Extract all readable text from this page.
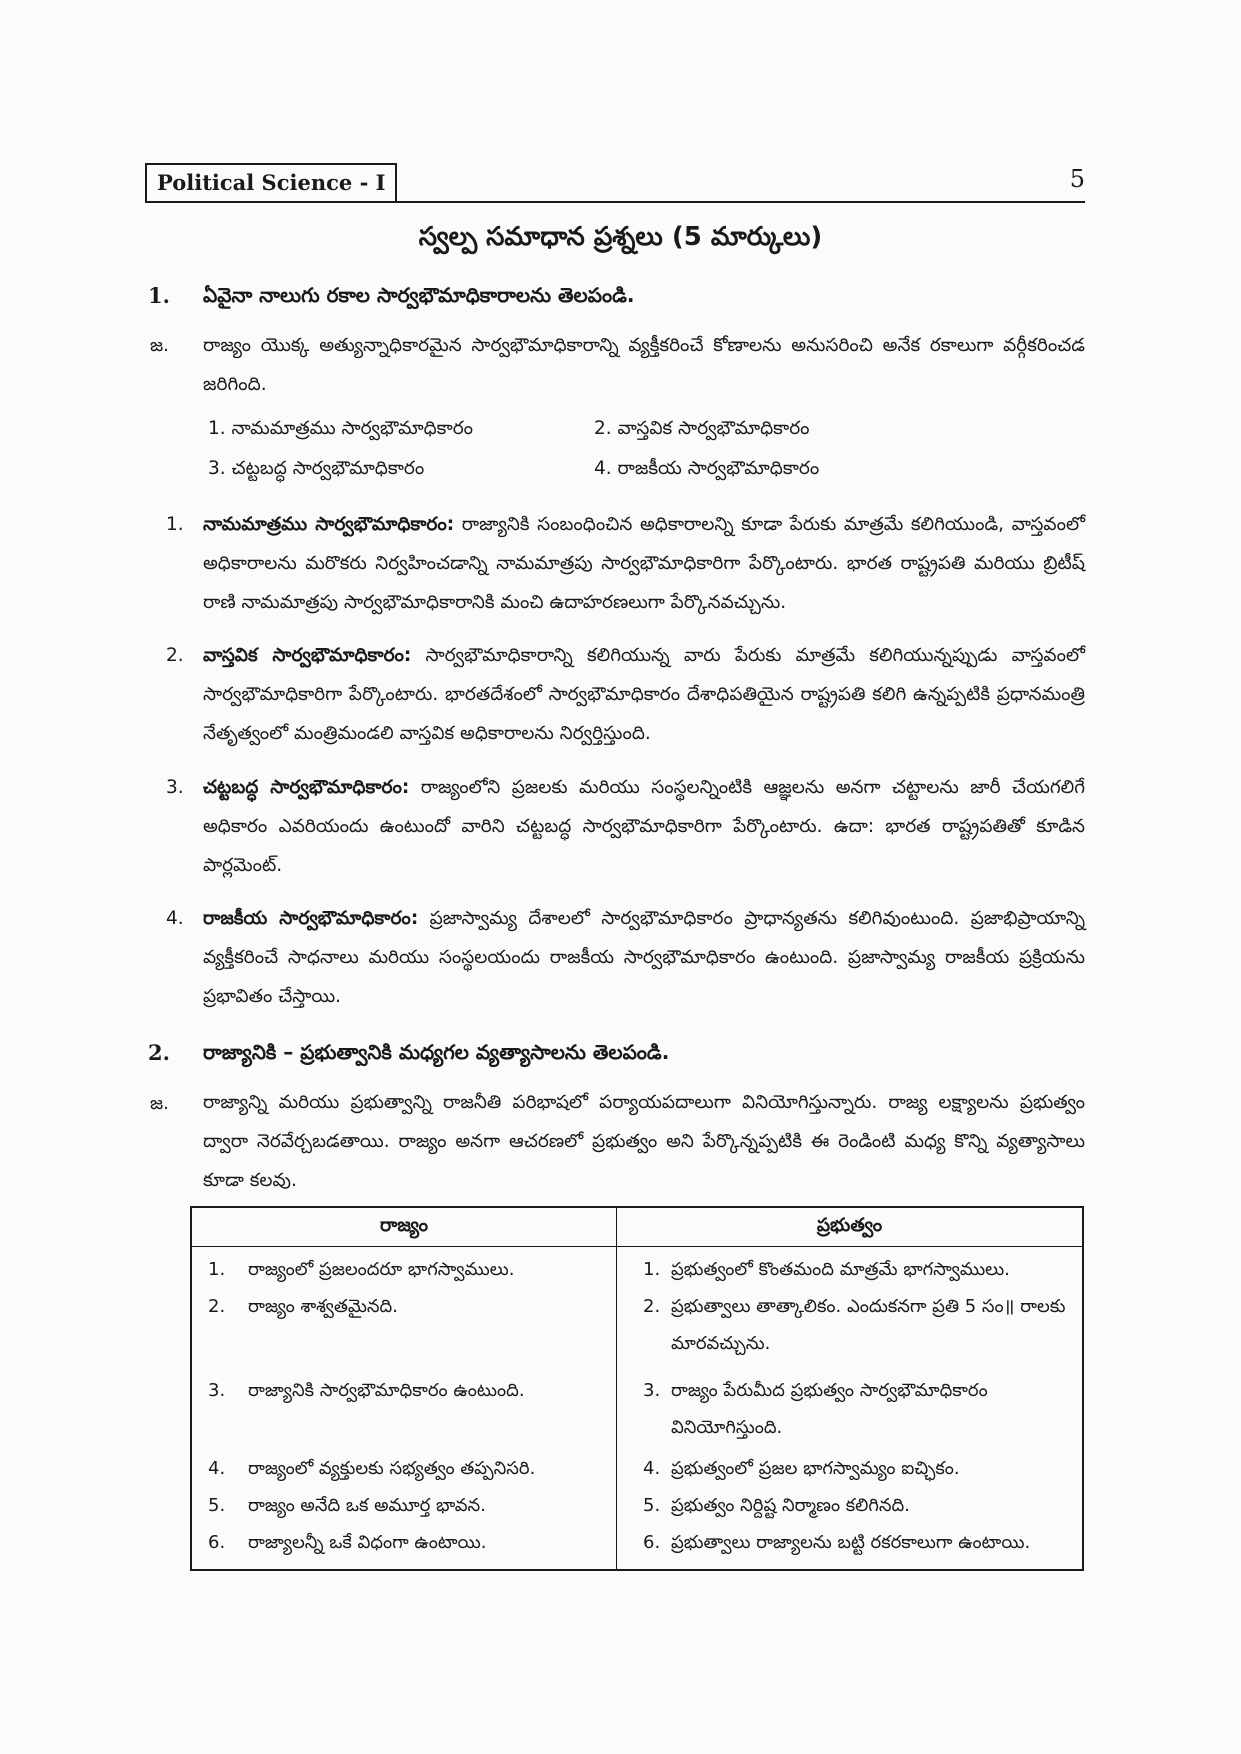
Political Science - I	5
స్వల్ప సమాధాన ప్రశ్నలు (5 మార్కులు)
1. ఏవైనా నాలుగు రకాల సార్వభౌమాధికారాలను తెలపండి.
జ. రాజ్యం యొక్క అత్యున్నాధికారమైన సార్వభౌమాధికారాన్ని వ్యక్తీకరించే కోణాలను అనుసరించి అనేక రకాలుగా వర్గీకరించడ జరిగింది.
1. నామమాత్రము సార్వభౌమాధికారం	2. వాస్తవిక సార్వభౌమాధికారం
3. చట్టబద్ధ సార్వభౌమాధికారం	4. రాజకీయ సార్వభౌమాధికారం
1.	నామమాత్రము సార్వభౌమాధికారం: రాజ్యానికి సంబంధించిన అధికారాలన్ని కూడా పేరుకు మాత్రమే కలిగియుండి, వాస్తవంలో అధికారాలను మరొకరు నిర్వహించడాన్ని నామమాత్రపు సార్వభౌమాధికారిగా పేర్కొంటారు. భారత రాష్ట్రపతి మరియు బ్రిటీష్ రాణి నామమాత్రపు సార్వభౌమాధికారానికి మంచి ఉదాహరణలుగా పేర్కొనవచ్చును.
2.	వాస్తవిక సార్వభౌమాధికారం: సార్వభౌమాధికారాన్ని కలిగియున్న వారు పేరుకు మాత్రమే కలిగియున్నప్పుడు వాస్తవంలో సార్వభౌమాధికారిగా పేర్కొంటారు. భారతదేశంలో సార్వభౌమాధికారం దేశాధిపతియైన రాష్ట్రపతి కలిగి ఉన్నప్పటికి ప్రధానమంత్రి నేతృత్వంలో మంత్రిమండలి వాస్తవిక అధికారాలను నిర్వర్తిస్తుంది.
3.	చట్టబద్ధ సార్వభౌమాధికారం: రాజ్యంలోని ప్రజలకు మరియు సంస్థలన్నింటికి ఆజ్ఞలను అనగా చట్టాలను జారీ చేయగలిగే అధికారం ఎవరియందు ఉంటుందో వారిని చట్టబద్ధ సార్వభౌమాధికారిగా పేర్కొంటారు. ఉదా: భారత రాష్ట్రపతితో కూడిన పార్లమెంట్.
4.	రాజకీయ సార్వభౌమాధికారం: ప్రజాస్వామ్య దేశాలలో సార్వభౌమాధికారం ప్రాధాన్యతను కలిగివుంటుంది. ప్రజాభిప్రాయాన్ని వ్యక్తీకరించే సాధనాలు మరియు సంస్థలయందు రాజకీయ సార్వభౌమాధికారం ఉంటుంది. ప్రజాస్వామ్య రాజకీయ ప్రక్రియను ప్రభావితం చేస్తాయి.
2. రాజ్యానికి – ప్రభుత్వానికి మధ్యగల వ్యత్యాసాలను తెలపండి.
జ. రాజ్యాన్ని మరియు ప్రభుత్వాన్ని రాజనీతి పరిభాషలో పర్యాయపదాలుగా వినియోగిస్తున్నారు. రాజ్య లక్ష్యాలను ప్రభుత్వం ద్వారా నెరవేర్చబడతాయి. రాజ్యం అనగా ఆచరణలో ప్రభుత్వం అని పేర్కొన్నప్పటికి ఈ రెండింటి మధ్య కొన్ని వ్యత్యాసాలు కూడా కలవు.
రాజ్యం	ప్రభుత్వం
1. రాజ్యంలో ప్రజలందరూ భాగస్వాములు.	1. ప్రభుత్వంలో కొంతమంది మాత్రమే భాగస్వాములు.
2. రాజ్యం శాశ్వతమైనది.	2. ప్రభుత్వాలు తాత్కాలికం. ఎందుకనగా ప్రతి 5 సం॥ రాలకు మారవచ్చును.
3. రాజ్యానికి సార్వభౌమాధికారం ఉంటుంది.	3. రాజ్యం పేరుమీద ప్రభుత్వం సార్వభౌమాధికారం వినియోగిస్తుంది.
4. రాజ్యంలో వ్యక్తులకు సభ్యత్వం తప్పనిసరి.	4. ప్రభుత్వంలో ప్రజల భాగస్వామ్యం ఐచ్ఛికం.
5. రాజ్యం అనేది ఒక అమూర్త భావన.	5. ప్రభుత్వం నిర్దిష్ట నిర్మాణం కలిగినది.
6. రాజ్యాలన్నీ ఒకే విధంగా ఉంటాయి.	6. ప్రభుత్వాలు రాజ్యాలను బట్టి రకరకాలుగా ఉంటాయి.
